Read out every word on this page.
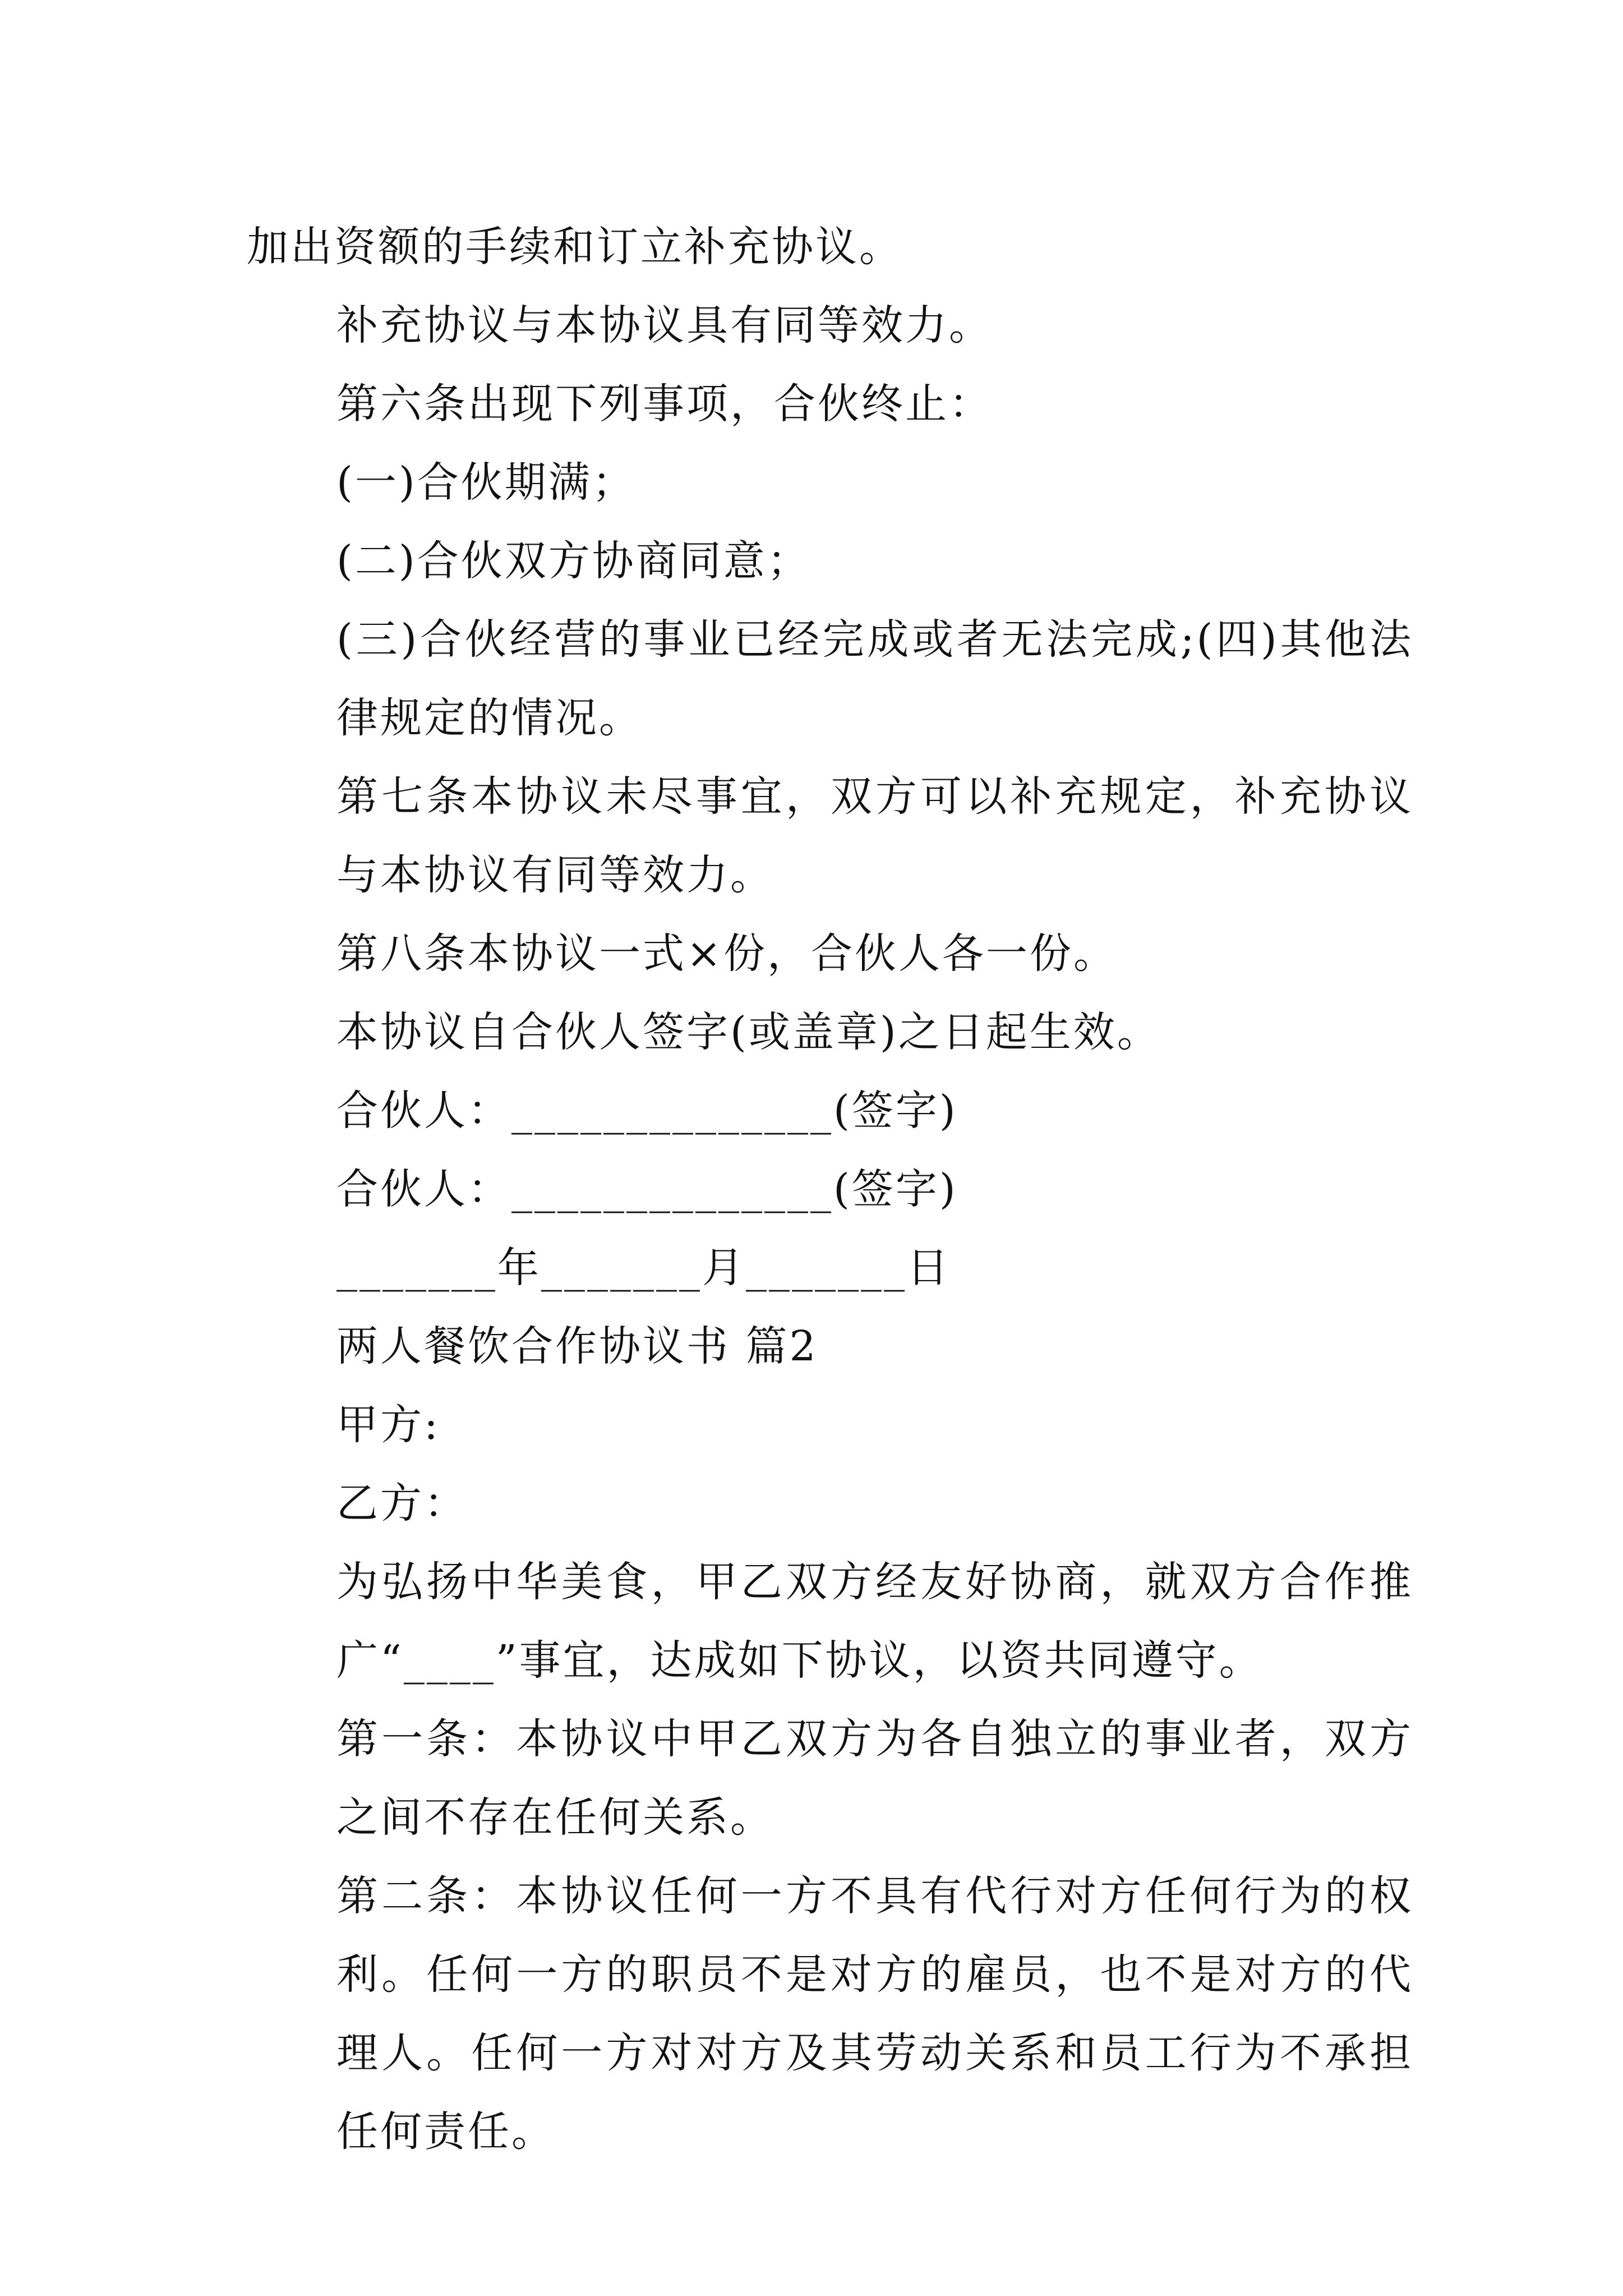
加出资额的手续和订立补充协议。

补充协议与本协议具有同等效力。

第六条出现下列事项，合伙终止：

(一)合伙期满；

(二)合伙双方协商同意；

(三)合伙经营的事业已经完成或者无法完成;(四)其他法律规定的情况。

第七条本协议未尽事宜，双方可以补充规定，补充协议与本协议有同等效力。

第八条本协议一式×份，合伙人各一份。

本协议自合伙人签字(或盖章)之日起生效。

合伙人：______________(签字)

合伙人：______________(签字)

_______年_______月_______日

两人餐饮合作协议书 篇2

甲方:

乙方：

为弘扬中华美食，甲乙双方经友好协商，就双方合作推广“____”事宜，达成如下协议，以资共同遵守。

第一条：本协议中甲乙双方为各自独立的事业者，双方之间不存在任何关系。

第二条：本协议任何一方不具有代行对方任何行为的权利。任何一方的职员不是对方的雇员，也不是对方的代理人。任何一方对对方及其劳动关系和员工行为不承担任何责任。
